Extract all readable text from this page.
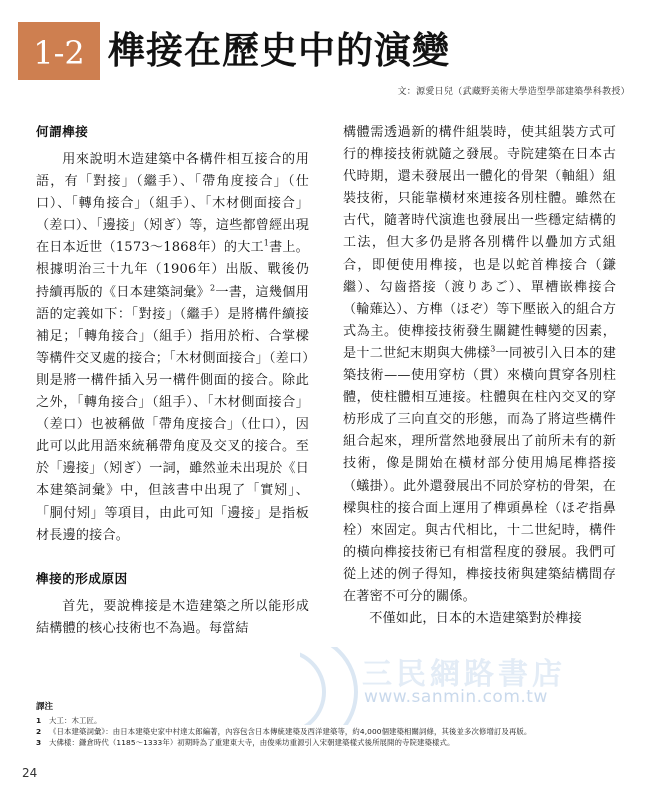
1-2 榫接在歷史中的演變
文：源愛日兒（武藏野美術大學造型學部建築學科教授）
何謂榫接

用來說明木造建築中各構件相互接合的用語，有「對接」（繼手）、「帶角度接合」（仕口）、「轉角接合」（組手）、「木材側面接合」（差口）、「邊接」（矧ぎ）等，這些都曾經出現在日本近世（1573～1868年）的大工$^1$書上。根據明治三十九年（1906年）出版、戰後仍持續再版的《日本建築詞彙》$^2$一書，這幾個用語的定義如下：「對接」（繼手）是將構件續接補足；「轉角接合」（組手）指用於桁、合掌樑等構件交叉處的接合；「木材側面接合」（差口）則是將一構件插入另一構件側面的接合。除此之外，「轉角接合」（組手）、「木材側面接合」（差口）也被稱做「帶角度接合」（仕口），因此可以此用語來統稱帶角度及交叉的接合。至於「邊接」（矧ぎ）一詞，雖然並未出現於《日本建築詞彙》中，但該書中出現了「實矧」、「胴付矧」等項目，由此可知「邊接」是指板材長邊的接合。

榫接的形成原因

首先，要說榫接是木造建築之所以能形成結構體的核心技術也不為過。每當結

構體需透過新的構件組裝時，使其組裝方式可行的榫接技術就隨之發展。寺院建築在日本古代時期，還未發展出一體化的骨架（軸組）組裝技術，只能靠橫材來連接各別柱體。雖然在古代，隨著時代演進也發展出一些穩定結構的工法，但大多仍是將各別構件以疊加方式組合，即便使用榫接，也是以蛇首榫接合（鎌繼）、勾齒搭接（渡りあご）、單槽嵌榫接合（輪薙込）、方榫（ほぞ）等下壓嵌入的組合方式為主。使榫接技術發生關鍵性轉變的因素，是十二世紀末期與大佛樣$^3$一同被引入日本的建築技術——使用穿枋（貫）來橫向貫穿各別柱體，使柱體相互連接。柱體與在柱內交叉的穿枋形成了三向直交的形態，而為了將這些構件組合起來，理所當然地發展出了前所未有的新技術，像是開始在橫材部分使用鳩尾榫搭接（蟻掛）。此外還發展出不同於穿枋的骨架，在樑與柱的接合面上運用了榫頭鼻栓（ほぞ指鼻栓）來固定。與古代相比，十二世紀時，構件的橫向榫接技術已有相當程度的發展。我們可從上述的例子得知，榫接技術與建築結構間存在著密不可分的關係。

不僅如此，日本的木造建築對於榫接

三民網路書店
www.sanmin.com.tw
譯注
1	大工：木工匠。
2	《日本建築詞彙》：由日本建築史家中村達太郎編著，內容包含日本傳統建築及西洋建築等，約4,000個建築相關詞條，其後並多次修增訂及再版。
3	大佛樣：鎌倉時代（1185～1333年）初期時為了重建東大寺，由俊乘坊重源引入宋朝建築樣式後所展開的寺院建築樣式。
24
